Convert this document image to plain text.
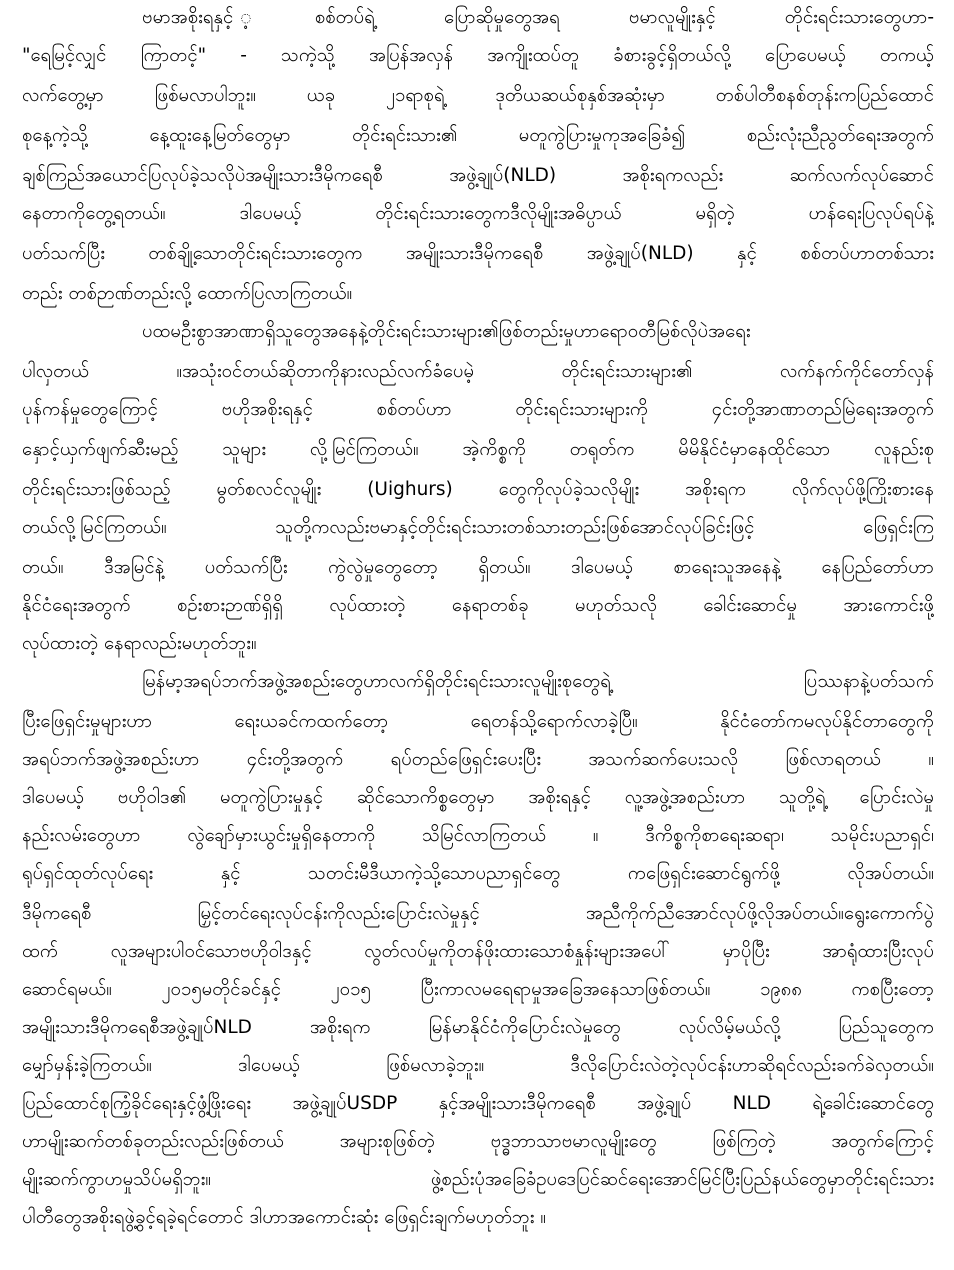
ဗမာအစိုးရနှင့် ့စစ်တပ်ရဲ့ ပြောဆိုမှုတွေအရ ဗမာလူမျိုးနှင့် တိုင်းရင်းသားတွေဟာ-
"ရေမြင့်လျှင် ကြာတင့်" - သကဲ့သို့ အပြန်အလှန် အကျိုးထပ်တူ ခံစားခွင့်ရှိတယ်လို့ ပြောပေမယ့် တကယ့်
လက်တွေ့မှာ ဖြစ်မလာပါဘူး။ ယခု ၂၁ရာစုရဲ့ ဒုတိယဆယ်စုနှစ်အဆုံးမှာ တစ်ပါတီစနစ်တုန်းကပြည်ထောင်
စုနေ့ကဲ့သို့ နေ့ထူးနေ့မြတ်တွေမှာ တိုင်းရင်းသား၏ မတူကွဲပြားမှုကုအခြေခံ၍ စည်းလုံးညီညွတ်ရေးအတွက်
ချစ်ကြည်အယောင်ပြလုပ်ခဲ့သလိုပဲအမျိုးသားဒီမိုကရေစီ အဖွဲ့ချုပ်(NLD) အစိုးရကလည်း ဆက်လက်လုပ်ဆောင်
နေတာကိုတွေ့ရတယ်။ ဒါပေမယ့် တိုင်းရင်းသားတွေကဒီလိုမျိုးအဓိပ္ပာယ် မရှိတဲ့ ဟန်ရေးပြလုပ်ရပ်နဲ့
ပတ်သက်ပြီး တစ်ချို့သောတိုင်းရင်းသားတွေက အမျိုးသားဒီမိုကရေစီ အဖွဲ့ချုပ်(NLD) နှင့် စစ်တပ်ဟာတစ်သား
တည်း တစ်ဉာဏ်တည်းလို့ ထောက်ပြလာကြတယ်။
ပထမဦးစွာအာဏာရှိသူတွေအနေနဲ့တိုင်းရင်းသားများ၏ဖြစ်တည်းမှုဟာရောဝတီမြစ်လိုပဲအရေး
ပါလှတယ် ။အသုံးဝင်တယ်ဆိုတာကိုနားလည်လက်ခံပေမဲ့ တိုင်းရင်းသားများ၏ လက်နက်ကိုင်တော်လှန်
ပုန်ကန်မှုတွေကြောင့် ဗဟိုအစိုးရနှင့် စစ်တပ်ဟာ တိုင်းရင်းသားများကို ၄င်းတို့အာဏာတည်မြဲရေးအတွက်
နှောင့်ယှက်ဖျက်ဆီးမည့် သူများ လို့မြင်ကြတယ်။ အဲ့ကိစ္စကို တရုတ်က မိမိနိုင်ငံမှာနေထိုင်သော လူနည်းစု
တိုင်းရင်းသားဖြစ်သည့် မွတ်စလင်လူမျိုး (Uighurs) တွေကိုလုပ်ခဲ့သလိုမျိုး အစိုးရက လိုက်လုပ်ဖို့ကြိုးစားနေ
တယ်လို့မြင်ကြတယ်။ သူတို့ကလည်းဗမာနှင့်တိုင်းရင်းသားတစ်သားတည်းဖြစ်အောင်လုပ်ခြင်းဖြင့် ဖြေရှင်းကြ
တယ်။ ဒီအမြင်နဲ့ ပတ်သက်ပြီး ကွဲလွဲမှုတွေတော့ ရှိတယ်။ ဒါပေမယ့် စာရေးသူအနေနဲ့ နေပြည်တော်ဟာ
နိုင်ငံရေးအတွက် စဉ်းစားဉာဏ်ရှိရှိ လုပ်ထားတဲ့ နေရာတစ်ခု မဟုတ်သလို ခေါင်းဆောင်မှု အားကောင်းဖို့
လုပ်ထားတဲ့ နေရာလည်းမဟုတ်ဘူး။
မြန်မာ့အရပ်ဘက်အဖွဲ့အစည်းတွေဟာလက်ရှိတိုင်းရင်းသားလူမျိုးစုတွေရဲ့ ပြဿနာနဲ့ပတ်သက်
ပြီးဖြေရှင်းမှုများဟာ ရေးယခင်ကထက်တော့ ရေတန်သို့ရောက်လာခဲ့ပြီ။ နိုင်ငံတော်ကမလုပ်နိုင်တာတွေကို
အရပ်ဘက်အဖွဲ့အစည်းဟာ ၄င်းတို့အတွက် ရပ်တည်ဖြေရှင်းပေးပြီး အသက်ဆက်ပေးသလို ဖြစ်လာရတယ် ။
ဒါပေမယ့် ဗဟိုဝါဒ၏ မတူကွဲပြားမှုနှင့် ဆိုင်သောကိစ္စတွေမှာ အစိုးရနှင့် လူ့အဖွဲ့အစည်းဟာ သူတို့ရဲ့ ပြောင်းလဲမှု
နည်းလမ်းတွေဟာ လွဲချော်မှားယွင်းမှုရှိနေတာကို သိမြင်လာကြတယ် ။ ဒီကိစ္စကိုစာရေးဆရာ၊ သမိုင်းပညာရှင်၊
ရုပ်ရှင်ထုတ်လုပ်ရေး နှင့် သတင်းမီဒီယာကဲ့သို့သောပညာရှင်တွေ ကဖြေရှင်းဆောင်ရွက်ဖို့ လိုအပ်တယ်။
ဒီမိုကရေစီ မြှင့်တင်ရေးလုပ်ငန်းကိုလည်းပြောင်းလဲမှုနှင့် အညီကိုက်ညီအောင်လုပ်ဖို့လိုအပ်တယ်။ရွေးကောက်ပွဲ
ထက် လူအများပါဝင်သောဗဟိုဝါဒနှင့် လွတ်လပ်မှုကိုတန်ဖိုးထားသောစံနှုန်းများအပေါ် မှာပိုပြီး အာရုံထားပြီးလုပ်
ဆောင်ရမယ်။ ၂၀၁၅မတိုင်ခင်နှင့် ၂၀၁၅ ပြီးကာလမရေရာမှုအခြေအနေသာဖြစ်တယ်။ ၁၉၈၈ ကစပြီးတော့
အမျိုးသားဒီမိုကရေစီအဖွဲ့ချုပ်NLD အစိုးရက မြန်မာနိုင်ငံကိုပြောင်းလဲမှုတွေ လုပ်လိမ့်မယ်လို့ ပြည်သူတွေက
မျှော်မှန်းခဲ့ကြတယ်။ ဒါပေမယ့် ဖြစ်မလာခဲ့ဘူး။ ဒီလိုပြောင်းလဲတဲ့လုပ်ငန်းဟာဆိုရင်လည်းခက်ခဲလှတယ်။
ပြည်ထောင်စုကြံ့ခိုင်ရေးနှင့်ဖွံ့ဖြိုးရေး အဖွဲ့ချုပ်USDP နှင့်အမျိုးသားဒီမိုကရေစီ အဖွဲ့ချုပ် NLD ရဲ့ခေါင်းဆောင်တွေ
ဟာမျိုးဆက်တစ်ခုတည်းလည်းဖြစ်တယ် အများစုဖြစ်တဲ့ ဗုဒ္ဓဘာသာဗမာလူမျိုးတွေ ဖြစ်ကြတဲ့ အတွက်ကြောင့်
မျိုးဆက်ကွာဟမှုသိပ်မရှိဘူး။ ဖွဲ့စည်းပုံအခြေခံဥပဒေပြင်ဆင်ရေးအောင်မြင်ပြီးပြည်နယ်တွေမှာတိုင်းရင်းသား
ပါတီတွေအစိုးရဖွဲ့ခွင့်ရခဲ့ရင်တောင် ဒါဟာအကောင်းဆုံး ဖြေရှင်းချက်မဟုတ်ဘူး ။
